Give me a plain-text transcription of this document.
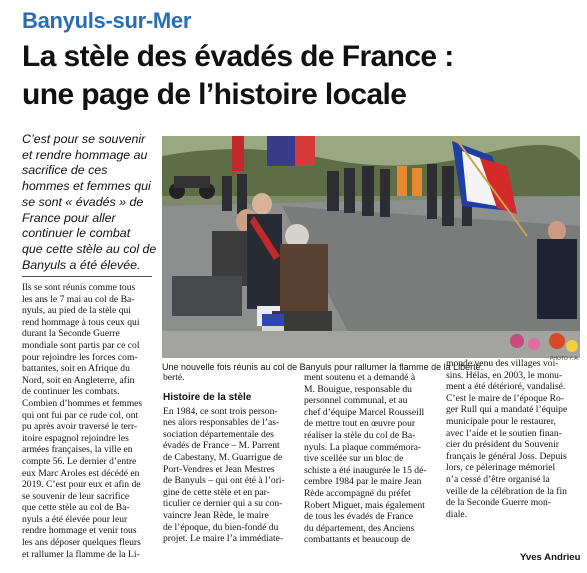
Banyuls-sur-Mer
La stèle des évadés de France :
une page de l’histoire locale
C’est pour se souvenir
et rendre hommage au
sacrifice de ces
hommes et femmes qui
se sont « évadés » de
France pour aller
continuer le combat
que cette stèle au col de
Banyuls a été élevée.
Une nouvelle fois réunis au col de Banyuls pour rallumer la flamme de la Liberté.
PHOTO Y. A.
Ils se sont réunis comme tous
les ans le 7 mai au col de Ba-
nyuls, au pied de la stèle qui
rend hommage à tous ceux qui
durant la Seconde Guerre
mondiale sont partis par ce col
pour rejoindre les forces com-
battantes, soit en Afrique du
Nord, soit en Angleterre, afin
de continuer les combats.
Combien d’hommes et femmes
qui ont fui par ce rude col, ont
pu après avoir traversé le terr-
itoire espagnol rejoindre les
armées françaises, la ville en
compte 56. Le dernier d’entre
eux Marc Aroles est décédé en
2019. C’est pour eux et afin de
se souvenir de leur sacrifice
que cette stèle au col de Ba-
nyuls a été élevée pour leur
rendre hommage et venir tous
les ans déposer quelques fleurs
et rallumer la flamme de la Li-
berté.
Histoire de la stèle
En 1984, ce sont trois person-
nes alors responsables de l’as-
sociation départementale des
évadés de France – M. Parrent
de Cabestany, M. Guarrigue de
Port-Vendres et Jean Mestres
de Banyuls – qui ont été à l’ori-
gine de cette stèle et en par-
ticulier ce dernier qui a su con-
vaincre Jean Rède, le maire
de l’époque, du bien-fondé du
projet. Le maire l’a immédiate-
ment soutenu et a demandé à
M. Bouigue, responsable du
personnel communal, et au
chef d’équipe Marcel Rousseill
de mettre tout en œuvre pour
réaliser la stèle du col de Ba-
nyuls. La plaque commémora-
tive scellée sur un bloc de
schiste a été inaugurée le 15 dé-
cembre 1984 par le maire Jean
Rède accompagné du préfet
Robert Miguet, mais également
de tous les évadés de France
du département, des Anciens
combattants et beaucoup de
monde venu des villages voi-
sins. Hélas, en 2003, le monu-
ment a été détérioré, vandalisé.
C’est le maire de l’époque Ro-
ger Rull qui a mandaté l’équipe
municipale pour le restaurer,
avec l’aide et le soutien finan-
cier du président du Souvenir
français le général Joss. Depuis
lors, ce pèlerinage mémoriel
n’a cessé d’être organisé la
veille de la célébration de la fin
de la Seconde Guerre mon-
diale.
Yves Andrieu
